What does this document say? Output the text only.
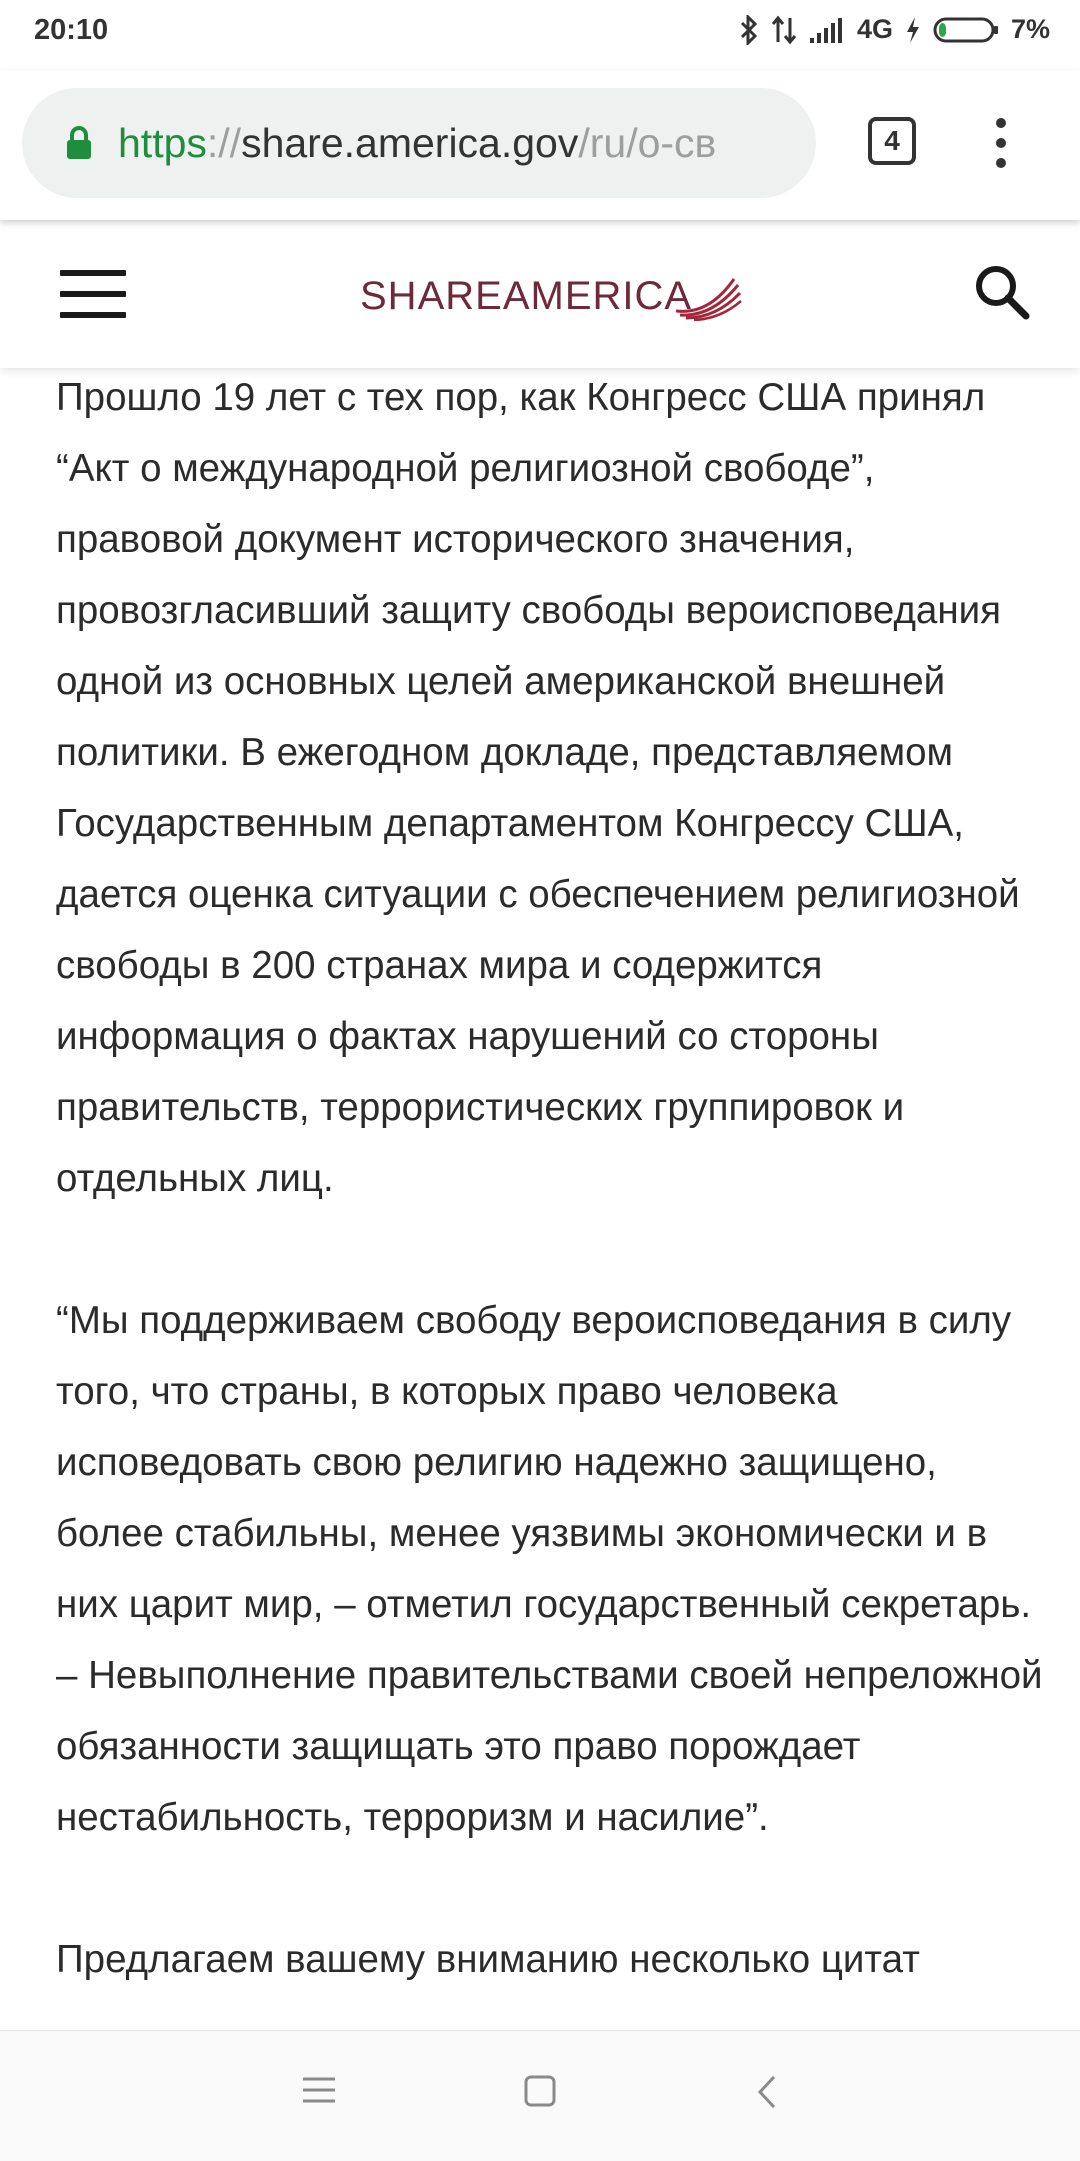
20:10	4G	7%
https://share.america.gov/ru/о-св	4
SHAREAMERICA

Прошло 19 лет с тех пор, как Конгресс США принял “Акт о международной религиозной свободе”, правовой документ исторического значения, провозгласивший защиту свободы вероисповедания одной из основных целей американской внешней политики. В ежегодном докладе, представляемом Государственным департаментом Конгрессу США, дается оценка ситуации с обеспечением религиозной свободы в 200 странах мира и содержится информация о фактах нарушений со стороны правительств, террористических группировок и отдельных лиц.

“Мы поддерживаем свободу вероисповедания в силу того, что страны, в которых право человека исповедовать свою религию надежно защищено, более стабильны, менее уязвимы экономически и в них царит мир, – отметил государственный секретарь. – Невыполнение правительствами своей непреложной обязанности защищать это право порождает нестабильность, терроризм и насилие”.

Предлагаем вашему вниманию несколько цитат
